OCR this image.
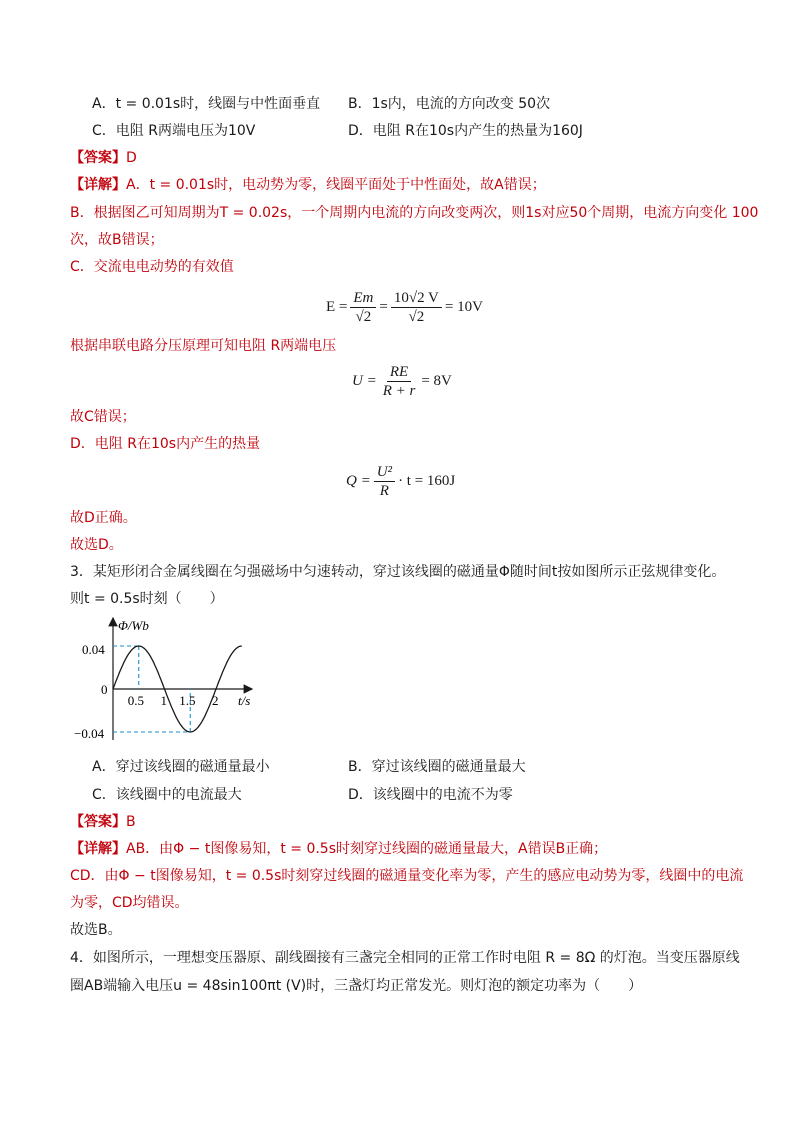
A．t = 0.01s时，线圈与中性面垂直 B．1s内，电流的方向改变 50次
C．电阻 R两端电压为10V	D．电阻 R在10s内产生的热量为160J
【答案】D
【详解】A．t = 0.01s时，电动势为零，线圈平面处于中性面处，故A错误；
B．根据图乙可知周期为T = 0.02s，一个周期内电流的方向改变两次，则1s对应50个周期，电流方向变化 100
次，故B错误；
C．交流电电动势的有效值
$E = \frac{Em}{√2} = \frac{10√2 V}{√2} = 10V$
根据串联电路分压原理可知电阻 R两端电压
$U = \frac{RE}{R + r} = 8V$
故C错误；
D．电阻 R在10s内产生的热量
$Q = \frac{\text{U²}}{R} \cdot t = 160J$
故D正确。
故选D。
3．某矩形闭合金属线圈在匀强磁场中匀速转动，穿过该线圈的磁通量Φ随时间t按如图所示正弦规律变化。
则t = 0.5s时刻（　　）
Φ/Wb
t/s
0.04
0
−0.04
0.5 1 1.5 2
A．穿过该线圈的磁通量最小	B．穿过该线圈的磁通量最大
C．该线圈中的电流最大	D．该线圈中的电流不为零
【答案】B
【详解】AB．由Φ − t图像易知，t = 0.5s时刻穿过线圈的磁通量最大，A错误B正确；
CD．由Φ − t图像易知，t = 0.5s时刻穿过线圈的磁通量变化率为零，产生的感应电动势为零，线圈中的电流
为零，CD均错误。
故选B。
4．如图所示，一理想变压器原、副线圈接有三盏完全相同的正常工作时电阻 R = 8Ω 的灯泡。当变压器原线
圈AB端输入电压u = 48sin100πt (V)时，三盏灯均正常发光。则灯泡的额定功率为（　　）
